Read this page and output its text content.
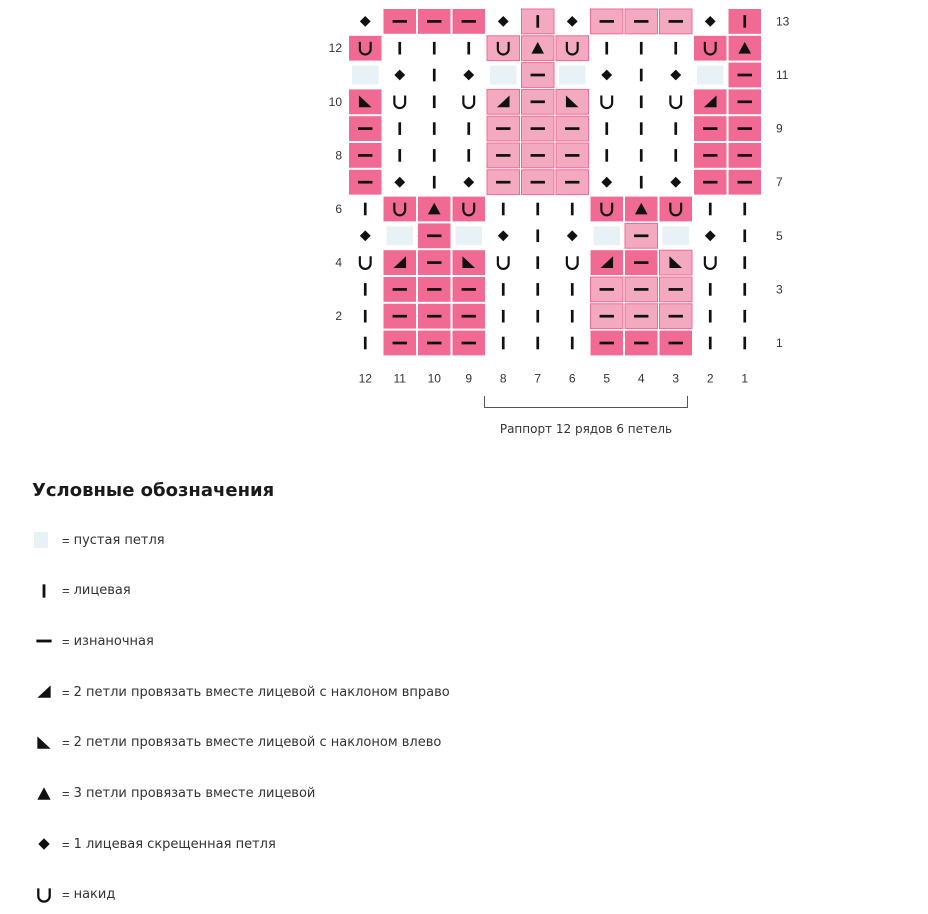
13
12
11
10
9
8
7
6
5
4
3
2
1
12 11 10 9 8 7 6 5 4 3 2 1
Раппорт 12 рядов 6 петель
Условные обозначения
= пустая петля
= лицевая
= изнаночная
= 2 петли провязать вместе лицевой с наклоном вправо
= 2 петли провязать вместе лицевой с наклоном влево
= 3 петли провязать вместе лицевой
= 1 лицевая скрещенная петля
= накид
